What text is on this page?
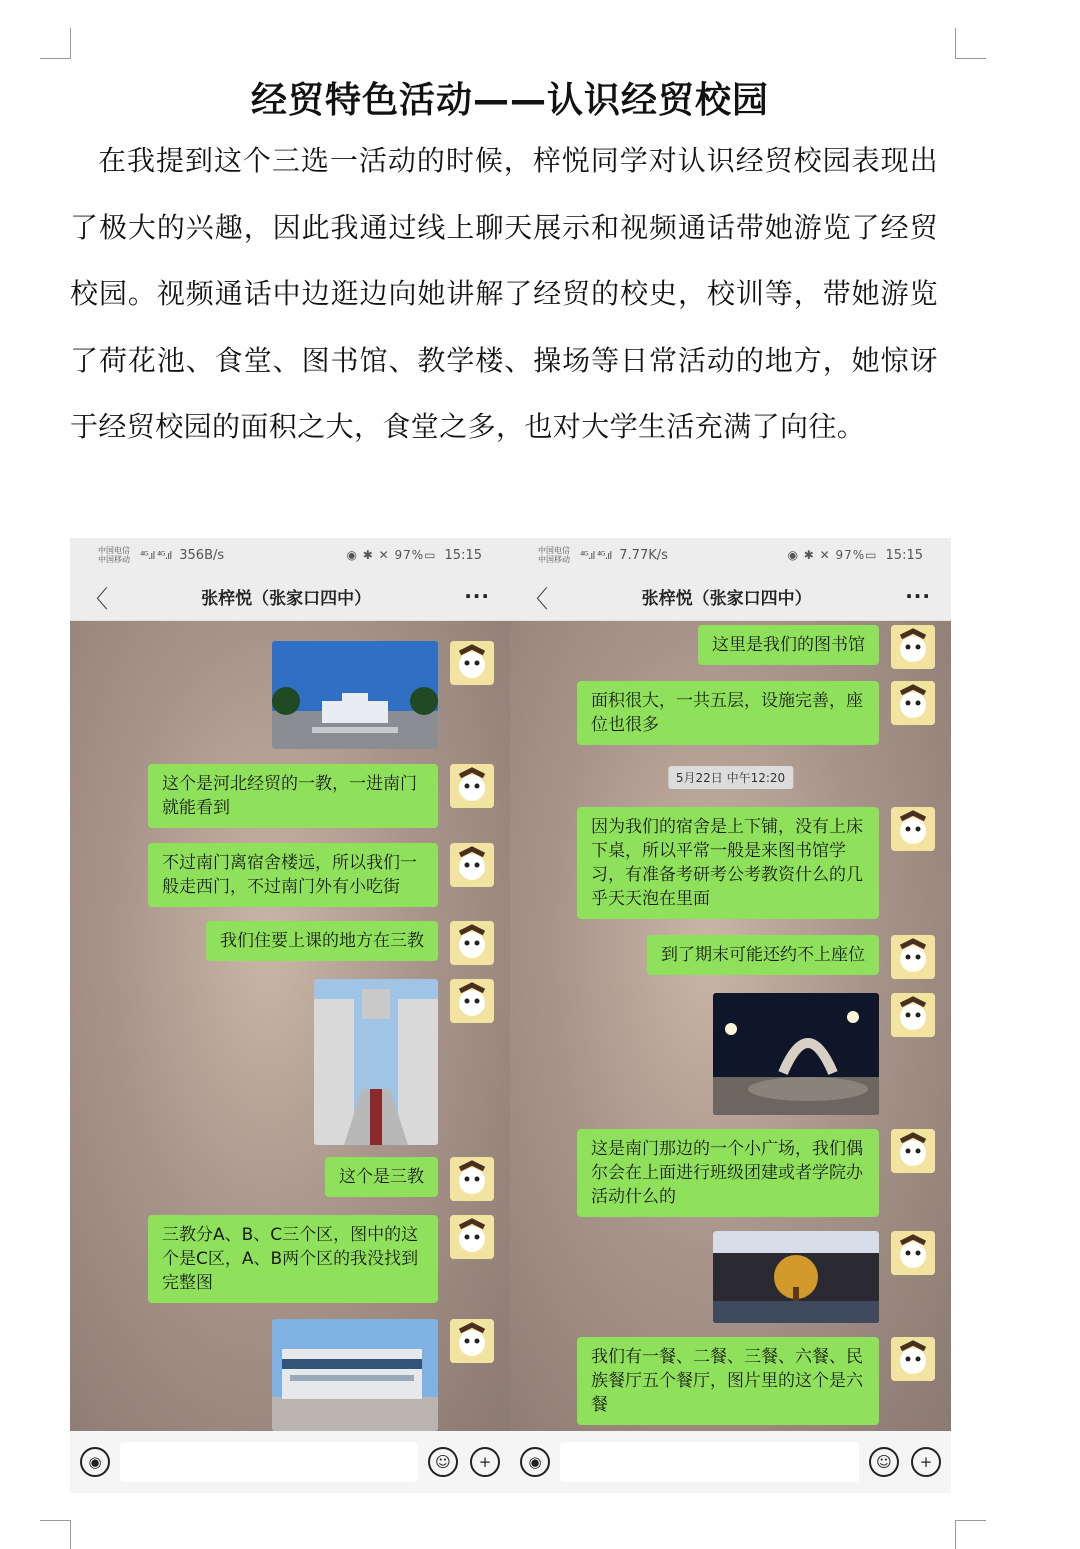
经贸特色活动——认识经贸校园
在我提到这个三选一活动的时候，梓悦同学对认识经贸校园表现出了极大的兴趣，因此我通过线上聊天展示和视频通话带她游览了经贸校园。视频通话中边逛边向她讲解了经贸的校史，校训等，带她游览了荷花池、食堂、图书馆、教学楼、操场等日常活动的地方，她惊讶于经贸校园的面积之大，食堂之多，也对大学生活充满了向往。
中国电信 中国移动 ⁴ᴳ.ıl ⁴ᴳ.ıl 356B/s	◉ ✱ ✕ 97%▭ 15:15
〈	张梓悦（张家口四中）	···
这个是河北经贸的一教，一进南门就能看到
不过南门离宿舍楼远，所以我们一般走西门，不过南门外有小吃街
我们住要上课的地方在三教
这个是三教
三教分A、B、C三个区，图中的这个是C区，A、B两个区的我没找到完整图
◉	☺	+
中国电信 中国移动 ⁴ᴳ.ıl ⁴ᴳ.ıl 7.77K/s	◉ ✱ ✕ 97%▭ 15:15
〈	张梓悦（张家口四中）	···
这里是我们的图书馆
面积很大，一共五层，设施完善，座位也很多
5月22日 中午12:20
因为我们的宿舍是上下铺，没有上床下桌，所以平常一般是来图书馆学习，有准备考研考公考教资什么的几乎天天泡在里面
到了期末可能还约不上座位
这是南门那边的一个小广场，我们偶尔会在上面进行班级团建或者学院办活动什么的
我们有一餐、二餐、三餐、六餐、民族餐厅五个餐厅，图片里的这个是六餐
◉	☺	+
